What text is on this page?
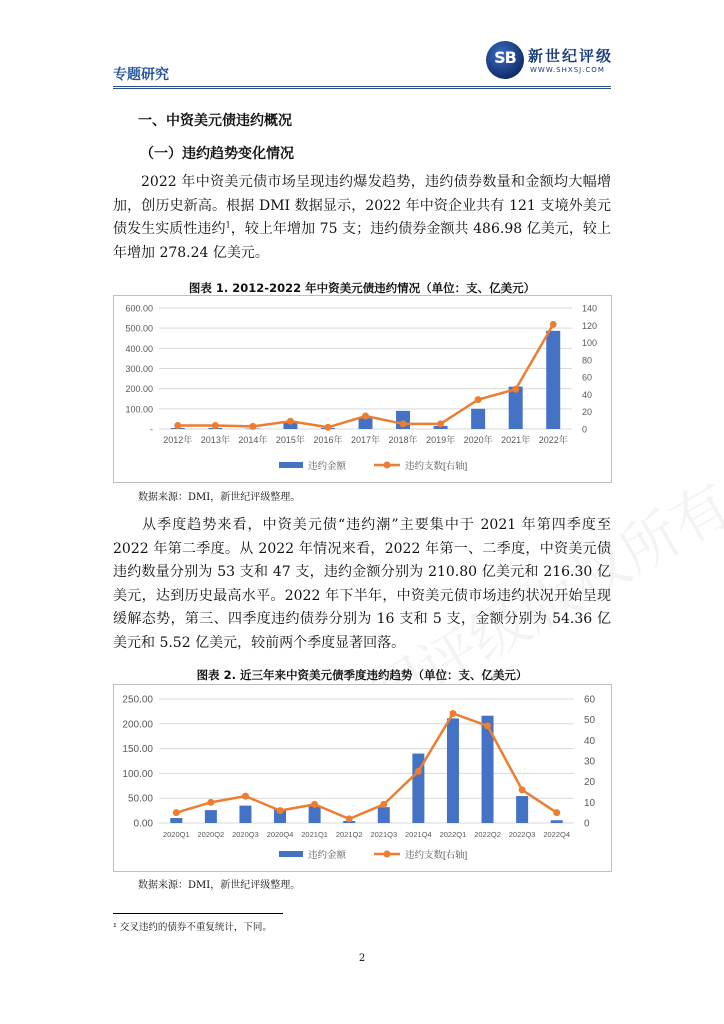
专题研究
SB 新世纪评级
WWW.SHXSJ.COM
一、中资美元债违约概况
（一）违约趋势变化情况
2022 年中资美元债市场呈现违约爆发趋势，违约债券数量和金额均大幅增加，创历史新高。根据 DMI 数据显示，2022 年中资企业共有 121 支境外美元债发生实质性违约$^1$，较上年增加 75 支；违约债券金额共 486.98 亿美元，较上年增加 278.24 亿美元。
图表 1. 2012-2022 年中资美元债违约情况（单位：支、亿美元）
600.00
500.00
400.00
300.00
200.00
100.00
-
140
120
100
80
60
40
20
0
2012年 2013年 2014年 2015年 2016年 2017年 2018年 2019年 2020年 2021年 2022年
违约金额	违约支数[右轴]
数据来源：DMI，新世纪评级整理。
从季度趋势来看，中资美元债“违约潮”主要集中于 2021 年第四季度至 2022 年第二季度。从 2022 年情况来看，2022 年第一、二季度，中资美元债违约数量分别为 53 支和 47 支，违约金额分别为 210.80 亿美元和 216.30 亿美元，达到历史最高水平。2022 年下半年，中资美元债市场违约状况开始呈现缓解态势，第三、四季度违约债券分别为 16 支和 5 支，金额分别为 54.36 亿美元和 5.52 亿美元，较前两个季度显著回落。
图表 2. 近三年来中资美元债季度违约趋势（单位：支、亿美元）
250.00
200.00
150.00
100.00
50.00
0.00
60
50
40
30
20
10
0
2020Q1 2020Q2 2020Q3 2020Q4 2021Q1 2021Q2 2021Q3 2021Q4 2022Q1 2022Q2 2022Q3 2022Q4
违约金额	违约支数[右轴]
数据来源：DMI，新世纪评级整理。
¹ 交叉违约的债券不重复统计，下同。
2
